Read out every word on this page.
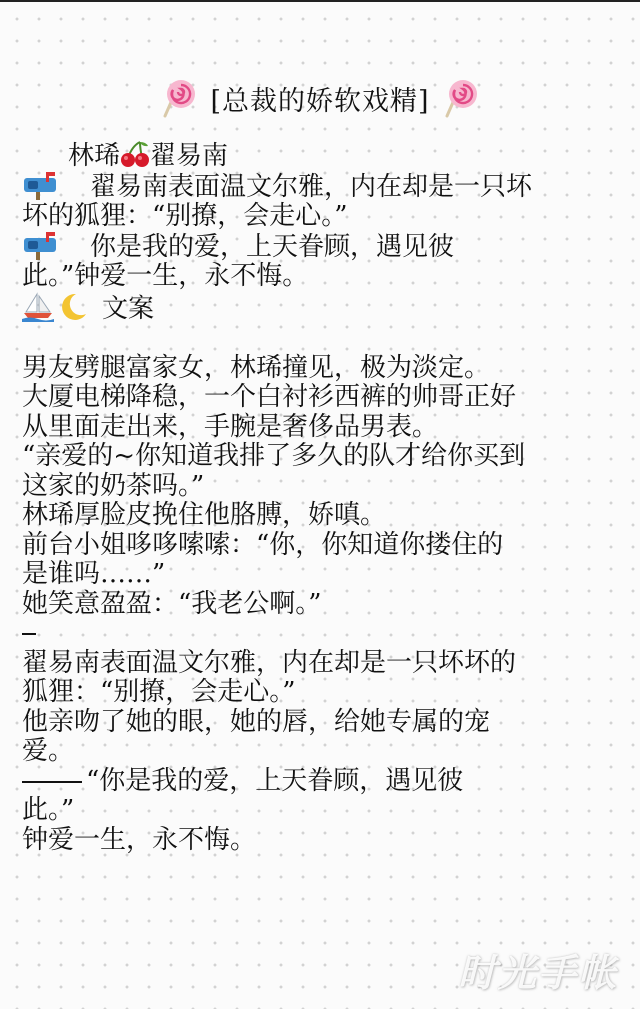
[总裁的娇软戏精]
林琋 翟易南
翟易南表面温文尔雅，内在却是一只坏
坏的狐狸：“别撩，会走心。”
你是我的爱，上天眷顾，遇见彼
此。”钟爱一生，永不悔。
文案
男友劈腿富家女，林琋撞见，极为淡定。
大厦电梯降稳，一个白衬衫西裤的帅哥正好
从里面走出来，手腕是奢侈品男表。
“亲爱的~你知道我排了多久的队才给你买到
这家的奶茶吗。”
林琋厚脸皮挽住他胳膊，娇嗔。
前台小姐哆哆嗦嗦：“你，你知道你搂住的
是谁吗……”
她笑意盈盈：“我老公啊。”
翟易南表面温文尔雅，内在却是一只坏坏的
狐狸：“别撩，会走心。”
他亲吻了她的眼，她的唇，给她专属的宠
爱。
“你是我的爱，上天眷顾，遇见彼
此。”
钟爱一生，永不悔。
时光手帐
